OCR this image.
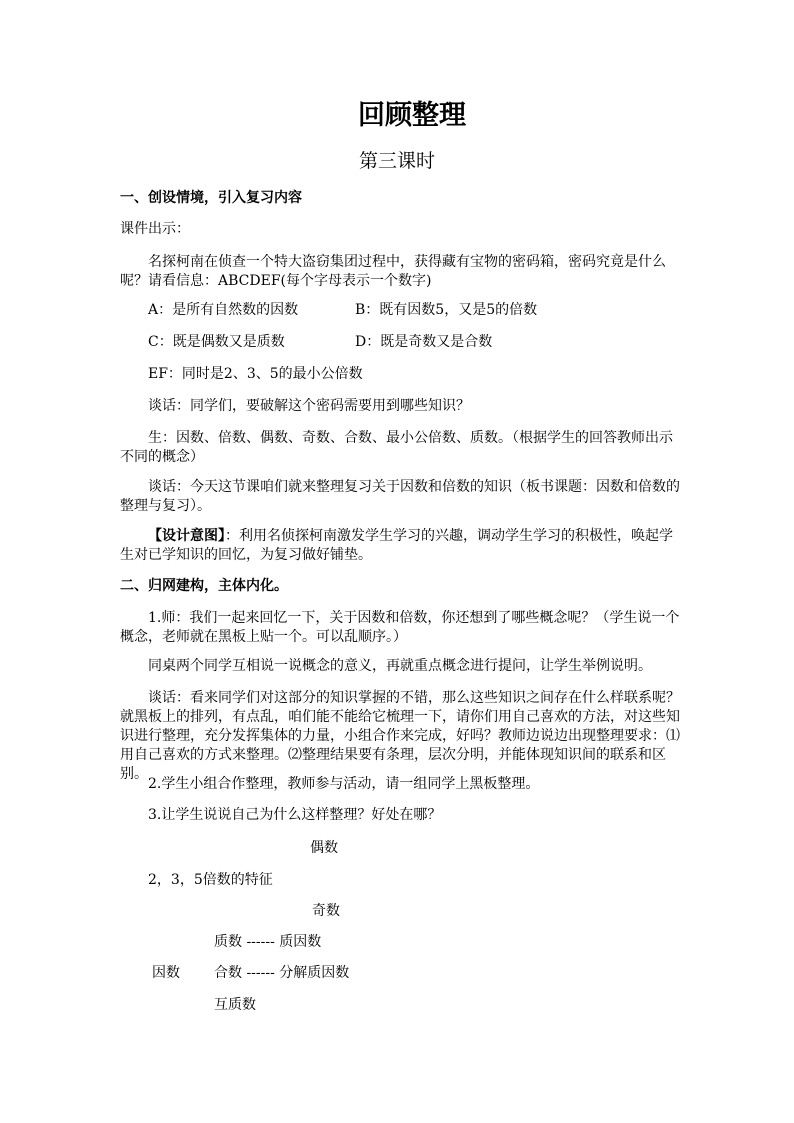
回顾整理
第三课时
一、创设情境，引入复习内容
课件出示：
名探柯南在侦查一个特大盗窃集团过程中，获得藏有宝物的密码箱，密码究竟是什么呢？请看信息：ABCDEF(每个字母表示一个数字)
A：是所有自然数的因数	B：既有因数5，又是5的倍数
C：既是偶数又是质数	D：既是奇数又是合数
EF：同时是2、3、5的最小公倍数
谈话：同学们，要破解这个密码需要用到哪些知识？
生：因数、倍数、偶数、奇数、合数、最小公倍数、质数。（根据学生的回答教师出示不同的概念）
谈话：今天这节课咱们就来整理复习关于因数和倍数的知识（板书课题：因数和倍数的整理与复习）。
【设计意图】：利用名侦探柯南激发学生学习的兴趣，调动学生学习的积极性，唤起学生对已学知识的回忆，为复习做好铺垫。
二、归网建构，主体内化。
1.师：我们一起来回忆一下，关于因数和倍数，你还想到了哪些概念呢？（学生说一个概念，老师就在黑板上贴一个。可以乱顺序。）
同桌两个同学互相说一说概念的意义，再就重点概念进行提问，让学生举例说明。
谈话：看来同学们对这部分的知识掌握的不错，那么这些知识之间存在什么样联系呢？就黑板上的排列，有点乱，咱们能不能给它梳理一下，请你们用自己喜欢的方法，对这些知识进行整理，充分发挥集体的力量，小组合作来完成，好吗？教师边说边出现整理要求：⑴用自己喜欢的方式来整理。⑵整理结果要有条理，层次分明，并能体现知识间的联系和区别。
2.学生小组合作整理，教师参与活动，请一组同学上黑板整理。
3.让学生说说自己为什么这样整理？好处在哪？
偶数
2，3，5倍数的特征
奇数
质数 ------ 质因数
因数 合数 ------ 分解质因数
互质数
